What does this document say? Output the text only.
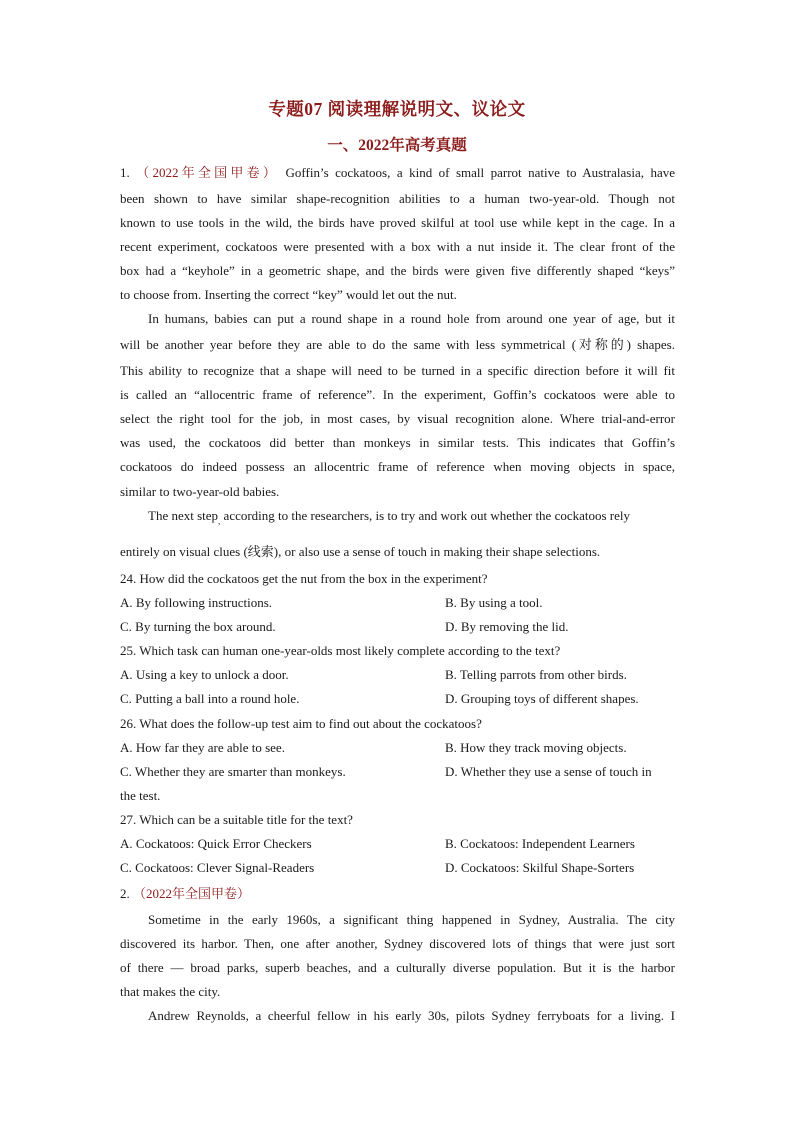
专题07 阅读理解说明文、议论文
一、2022年高考真题
1. （2022年全国甲卷） Goffin’s cockatoos, a kind of small parrot native to Australasia, have
been shown to have similar shape-recognition abilities to a human two-year-old. Though not
known to use tools in the wild, the birds have proved skilful at tool use while kept in the cage. In a
recent experiment, cockatoos were presented with a box with a nut inside it. The clear front of the
box had a “keyhole” in a geometric shape, and the birds were given five differently shaped “keys”
to choose from. Inserting the correct “key” would let out the nut.
In humans, babies can put a round shape in a round hole from around one year of age, but it
will be another year before they are able to do the same with less symmetrical (对称的) shapes.
This ability to recognize that a shape will need to be turned in a specific direction before it will fit
is called an “allocentric frame of reference”. In the experiment, Goffin’s cockatoos were able to
select the right tool for the job, in most cases, by visual recognition alone. Where trial-and-error
was used, the cockatoos did better than monkeys in similar tests. This indicates that Goffin’s
cockatoos do indeed possess an allocentric frame of reference when moving objects in space,
similar to two-year-old babies.
The next step$_,$ according to the researchers, is to try and work out whether the cockatoos rely
entirely on visual clues (线索), or also use a sense of touch in making their shape selections.
24. How did the cockatoos get the nut from the box in the experiment?
A. By following instructions.	B. By using a tool.
C. By turning the box around.	D. By removing the lid.
25. Which task can human one-year-olds most likely complete according to the text?
A. Using a key to unlock a door.	B. Telling parrots from other birds.
C. Putting a ball into a round hole.	D. Grouping toys of different shapes.
26. What does the follow-up test aim to find out about the cockatoos?
A. How far they are able to see.	B. How they track moving objects.
C. Whether they are smarter than monkeys.	D. Whether they use a sense of touch in
the test.
27. Which can be a suitable title for the text?
A. Cockatoos: Quick Error Checkers	B. Cockatoos: Independent Learners
C. Cockatoos: Clever Signal-Readers	D. Cockatoos: Skilful Shape-Sorters
2. （2022年全国甲卷）
Sometime in the early 1960s, a significant thing happened in Sydney, Australia. The city
discovered its harbor. Then, one after another, Sydney discovered lots of things that were just sort
of there — broad parks, superb beaches, and a culturally diverse population. But it is the harbor
that makes the city.
Andrew Reynolds, a cheerful fellow in his early 30s, pilots Sydney ferryboats for a living. I
